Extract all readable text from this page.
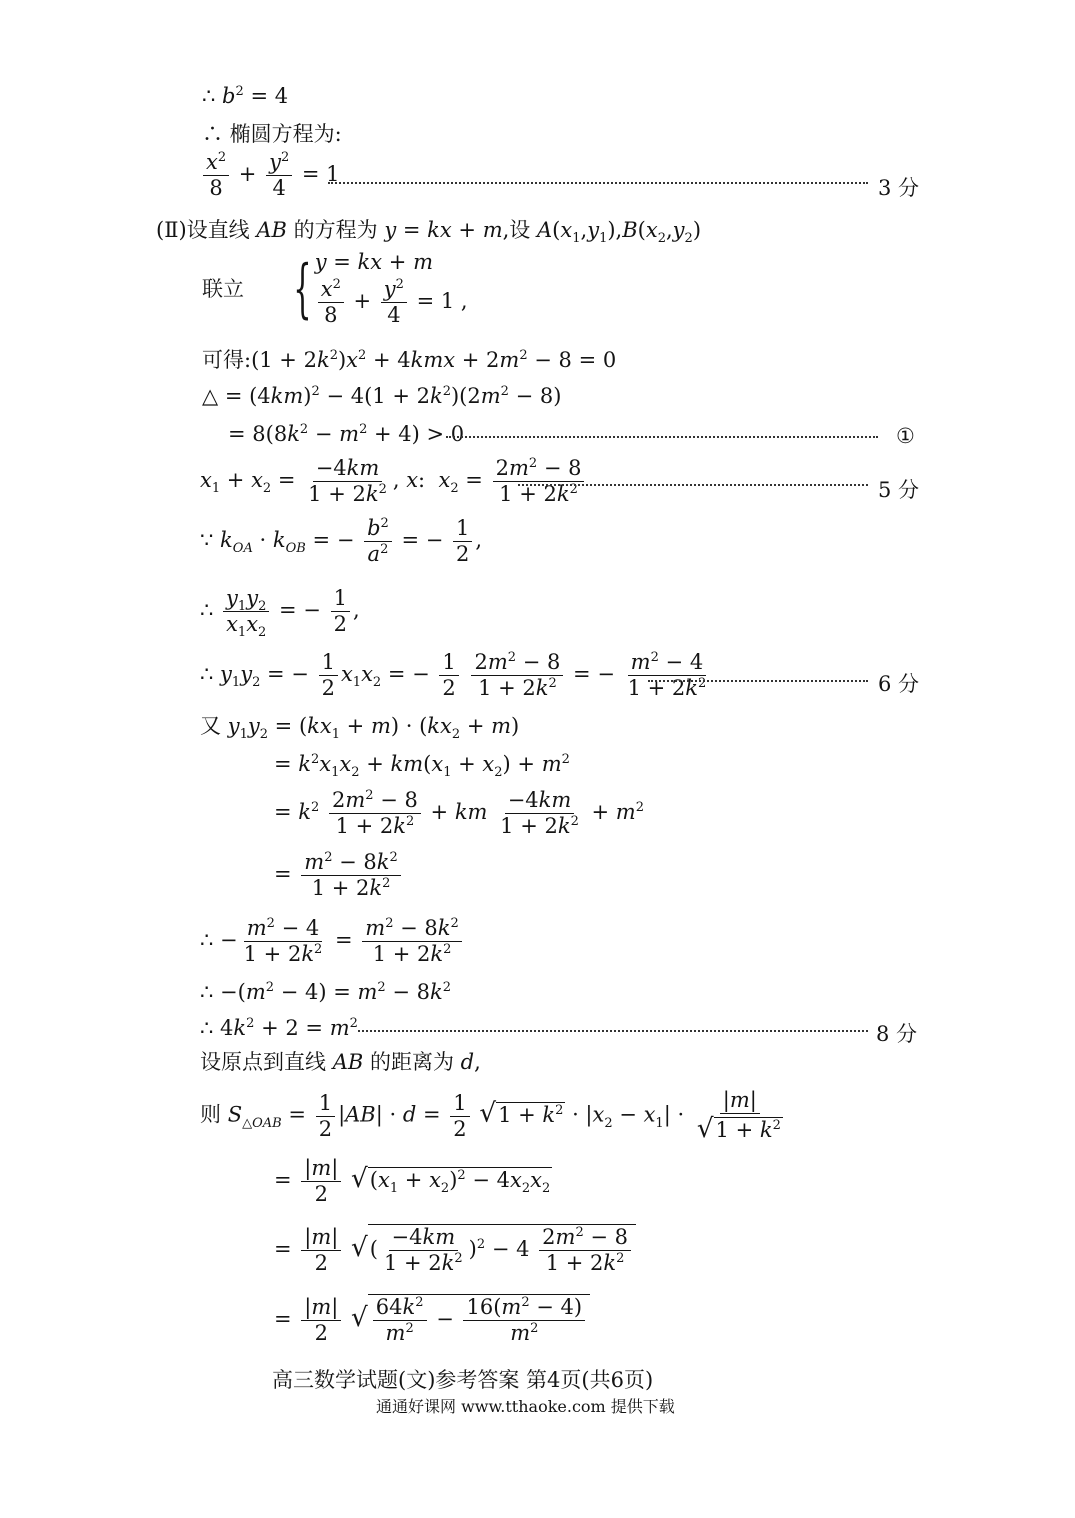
∴ $b^2 = 4$
∴ 椭圆方程为:
$\frac{x^2}{8} + \frac{y^2}{4} = 1$
3 分
(Ⅱ)设直线 AB 的方程为 y = kx + m,设 $A(x_1,y_1),B(x_2,y_2)$
联立 { y = kx + m
$\frac{x^2}{8} + \frac{y^2}{4} = 1$ ,
可得:(1 + $2k^2)x^2 + 4kmx + 2m^2 - 8 = 0$
△ = $(4km)^2 - 4(1 + 2k^2)(2m^2 - 8)$
= $8(8k^2 - m^2 + 4) > 0$	①
$x_1 + x_2 = \frac{-4km}{1 + 2k^2}$ , x:  $x_2 = \frac{2m^2 - 8}{1 + 2k^2}$	5 分
∵ $k_{OA} \cdot k_{OB}$ = − $\frac{b^2}{a^2}$ = − $\frac{1}{2}$ ,
∴ $\frac{y_1y_2}{x_1x_2}$ = − $\frac{1}{2}$ ,
∴ $y_1y_2$ = − $\frac{1}{2} x_1x_2$ = − $\frac{1}{2}$
$\frac{2m^2 - 8}{1 + 2k^2}$ = − $\frac{m^2 - 4}{1 + 2k^2}$	6 分
又 $y_1y_2 = (kx_1 + m) \cdot (kx_2 + m)$
= $k^2x_1x_2 + km(x_1 + x_2) + m^2$
= $k^2 \frac{2m^2 - 8}{1 + 2k^2}$ + km $\frac{-4km}{1 + 2k^2} + m^2$
= $\frac{m^2 - 8k^2}{1 + 2k^2}$
∴ − $\frac{m^2 - 4}{1 + 2k^2} = \frac{m^2 - 8k^2}{1 + 2k^2}$
∴ $-(m^2 - 4) = m^2 - 8k^2$
∴ $4k^2 + 2 = m^2$	8 分
设原点到直线 AB 的距离为 d,
则 $S_{\triangle OAB} = \frac{1}{2} |AB| \cdot d = \frac{1}{2} √1 + k^2 \cdot |x_2 - x_1| \cdot \frac{|m|}{√1 + k^2}$
= $\frac{|m|}{2} √(x_1 + x_2)^2 - 4x_2x_2$
= $\frac{|m|}{2}$ √( $\frac{-4km}{1 + 2k^2} )^2 - 4 \frac{2m^2 - 8}{1 + 2k^2}$
= $\frac{|m|}{2}$ √ $\frac{64k^2}{m^2} - \frac{16(m^2 - 4)}{m^2}$
高三数学试题(文)参考答案 第4页(共6页)
通通好课网 www.tthaoke.com 提供下载
